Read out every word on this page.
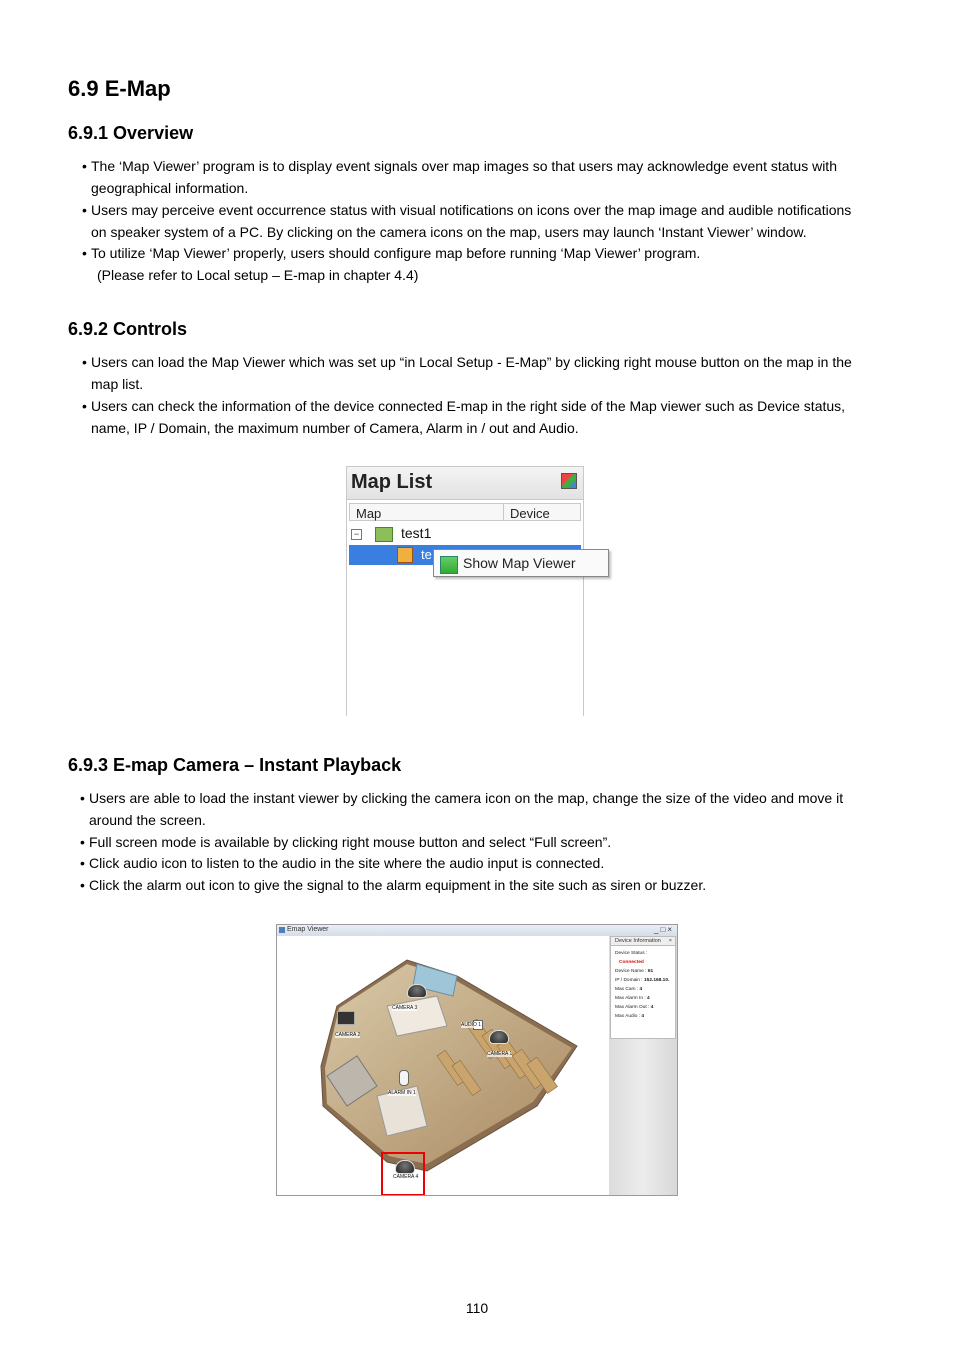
6.9 E-Map
6.9.1 Overview
• The ‘Map Viewer’ program is to display event signals over map images so that users may acknowledge event status with
geographical information.
• Users may perceive event occurrence status with visual notifications on icons over the map image and audible notifications
on speaker system of a PC. By clicking on the camera icons on the map, users may launch ‘Instant Viewer’ window.
• To utilize ‘Map Viewer’ properly, users should configure map before running ‘Map Viewer’ program.
(Please refer to Local setup – E-map in chapter 4.4)
6.9.2 Controls
• Users can load the Map Viewer which was set up “in Local Setup - E-Map” by clicking right mouse button on the map in the
map list.
• Users can check the information of the device connected E-map in the right side of the Map viewer such as Device status,
name, IP / Domain, the maximum number of Camera, Alarm in / out and Audio.
Map List
Map	Device
−	test1
te
Show Map Viewer
6.9.3 E-map Camera – Instant Playback
• Users are able to load the instant viewer by clicking the camera icon on the map, change the size of the video and move it
around the screen.
• Full screen mode is available by clicking right mouse button and select “Full screen”.
• Click audio icon to listen to the audio in the site where the audio input is connected.
• Click the alarm out icon to give the signal to the alarm equipment in the site such as siren or buzzer.
Emap Viewer	_□×
CAMERA 3
CAMERA 2
AUDIO 1
CAMERA 1
ALARM IN 1
CAMERA 4
Device Information ×
Device Status :
Connected
Device Name : 61
IP / Domain : 152.168.10.
Max Cam : 4
Max Alarm In : 4
Max Alarm Out : 4
Max Audio : 4
110
